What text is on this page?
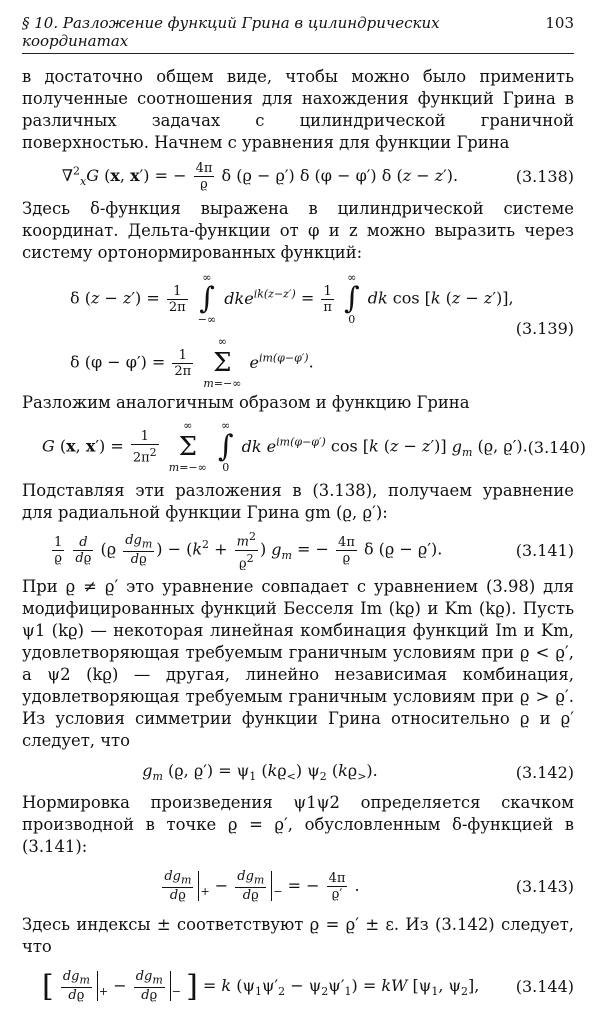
§ 10. Разложение функций Грина в цилиндрических координатах
103

в достаточно общем виде, чтобы можно было применить полученные соотношения для нахождения функций Грина в различных задачах с цилиндрической граничной поверхностью. Начнем с уравнения для функции Грина

∇$^2_x$G (x, x′) = − $\frac{4\pi}{ϱ}$ δ (ϱ − ϱ′) δ (φ − φ′) δ (z − z′).	(3.138)

Здесь δ-функция выражена в цилиндрической системе координат. Дельта-функции от φ и z можно выразить через систему ортонормированных функций:

δ $(z - z') = \frac{1}{2\pi}$

∞
∫
−∞
$dke^{ik(z-z')} = \frac{1}{\pi}$

∞
∫
0
dk cos [k (z − z′)],
δ $(\varphi - \varphi') = \frac{1}{2\pi}$

∞
Σ
m=−∞
$e^{im(\varphi-\varphi')}$.
(3.139)

Разложим аналогичным образом и функцию Грина

G (x, $x') = \frac{1}{2\pi^2}$

∞
Σ
m=−∞

∞
∫
0
dk $e^{im(\varphi-\varphi')}$ cos [k (z − z′)] $g_m$ (ϱ, ϱ′). (3.140)

Подставляя эти разложения в (3.138), получаем уравнение для радиальной функции Грина gm (ϱ, ϱ′):

$\frac{1}{ϱ}$
$\frac{d}{dϱ} (ϱ \frac{dg_m}{dϱ}$ ) − ($k^2 + \frac{m^2}{ϱ^2}$ ) $g_m$ = − $\frac{4\pi}{ϱ}$ δ (ϱ − ϱ′).	(3.141)

При ϱ ≠ ϱ′ это уравнение совпадает с уравнением (3.98) для модифицированных функций Бесселя Im (kϱ) и Km (kϱ). Пусть ψ1 (kϱ) — некоторая линейная комбинация функций Im и Km, удовлетворяющая требуемым граничным условиям при ϱ < ϱ′, а ψ2 (kϱ) — другая, линейно независимая комбинация, удовлетворяющая требуемым граничным условиям при ϱ > ϱ′. Из условия симметрии функции Грина относительно ϱ и ϱ′ следует, что

$g_m$ (ϱ, $ϱ') = \psi_1$ $(kϱ_<)$ $\psi_2$ $(kϱ_>)$.	(3.142)

Нормировка произведения ψ1ψ2 определяется скачком производной в точке ϱ = ϱ′, обусловленным δ-функцией в (3.141):

$\frac{dg_m}{dϱ} _+ - \frac{dg_m}{dϱ} _-$ = − $\frac{4\pi}{ϱ'}$ .	(3.143)

Здесь индексы ± соответствуют ϱ = ϱ′ ± ε. Из (3.142) следует, что

[ $\frac{dg_m}{dϱ} _+ - \frac{dg_m}{dϱ} _-$ ] = k $(\psi_1\psi'_2 - \psi_2\psi'_1)$ = kW [$\psi_1$, $\psi_2$],	(3.144)
